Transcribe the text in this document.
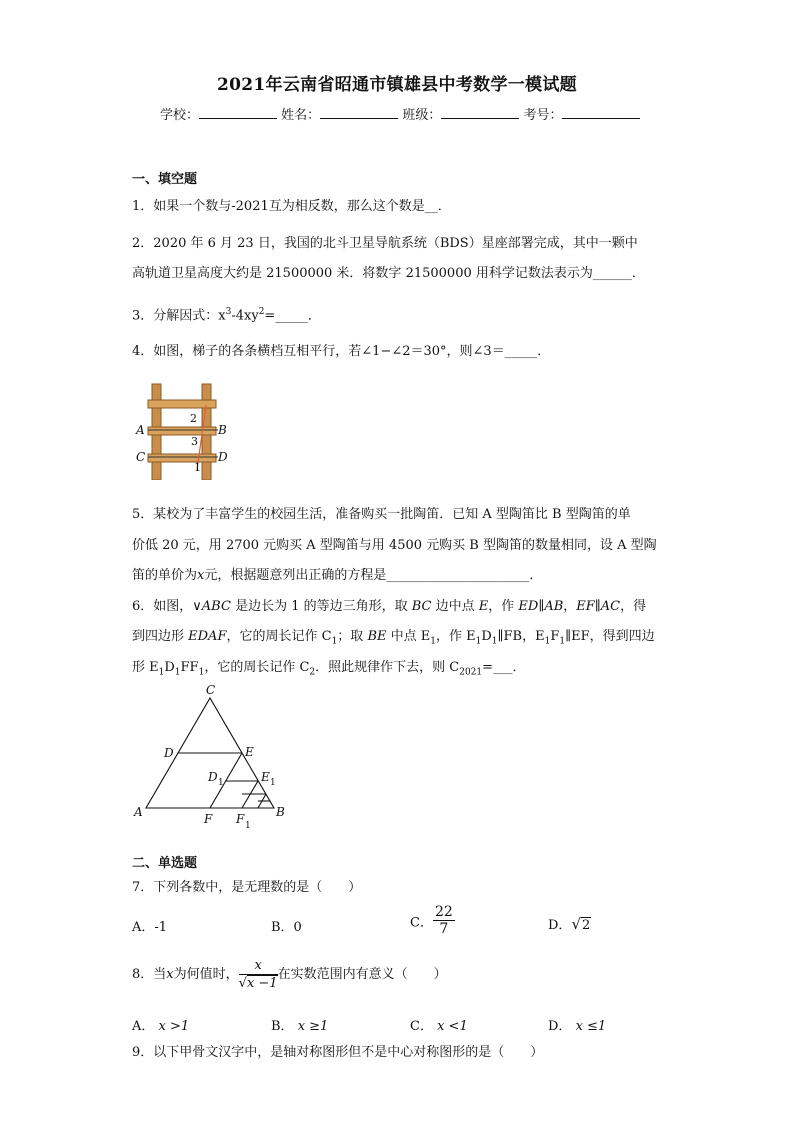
2021年云南省昭通市镇雄县中考数学一模试题
学校：	姓名：	班级：	考号：
一、填空题
1．如果一个数与-2021互为相反数，那么这个数是__．
2．2020 年 6 月 23 日，我国的北斗卫星导航系统（BDS）星座部署完成，其中一颗中
高轨道卫星高度大约是 21500000 米．将数字 21500000 用科学记数法表示为______．
3．分解因式：$x^3-4xy^2=\_\_\_\_\_$．
4．如图，梯子的各条横档互相平行，若∠1−∠2＝30°，则∠3＝_____．
A	B
C	D
2
3
1
5．某校为了丰富学生的校园生活，准备购买一批陶笛．已知 A 型陶笛比 B 型陶笛的单
价低 20 元，用 2700 元购买 A 型陶笛与用 4500 元购买 B 型陶笛的数量相同，设 A 型陶
笛的单价为x元，根据题意列出正确的方程是______________________．
6．如图，∨ABC 是边长为 1 的等边三角形，取 BC 边中点 E，作 ED∥AB，EF∥AC，得
到四边形 EDAF，它的周长记作 $C_1$；取 BE 中点 $E_1$，作 $E_1D_1\parallel FB$，$E_1F_1\parallel EF$，得到四边
形 $E_1D_1FF_1$，它的周长记作 $C_2$．照此规律作下去，则 $C_{2021}=\_\_\_$．
A	B
C
D	E
F
D	E
F
1	1
1
二、单选题
7．下列各数中，是无理数的是（　　）
A．-1	B．0	C． $\frac{22}{7}$	D．√2
8．当x为何值时， $\frac{x}{√x -1}$ 在实数范围内有意义（　　）
A． x >1	B． x ≥1	C． x <1	D． x ≤1
9．以下甲骨文汉字中，是轴对称图形但不是中心对称图形的是（　　）
